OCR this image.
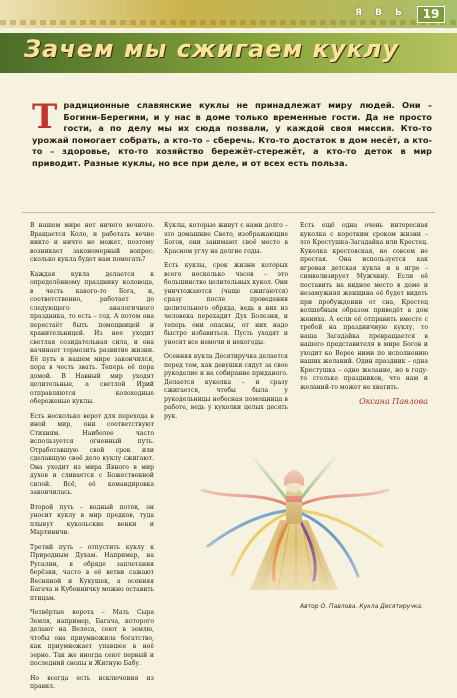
Я В Ь	19
Зачем мы сжигаем куклу
Традиционные славянские куклы не принадлежат миру людей. Они – Богини-Берегини, и у нас в доме только временные гости. Да не просто гости, а по делу мы их сюда позвали, у каждой своя миссия. Кто-то урожай помогает собрать, а кто-то – сберечь. Кто-то достаток в дом несёт, а кто-то – здоровье, кто-то хозяйство бережёт-стережёт, а кто-то деток в мир приводит. Разные куклы, но все при деле, и от всех есть польза.

В нашем мире нет ничего вечного. Вращается Коло, и работать вечно никто и ничто не может, поэтому возникает закономерный вопрос: сколько кукла будет нам помогать?

Каждая кукла делается к определённому празднику коловода, в честь какого-то Бога, и, соответственно, работает до следующего аналогичного праздника, то есть – год. А потом она перестаёт быть помощницей и хранительницей. Из нее уходит светлая созидательная сила, и она начинает тормозить развитие жизни. Её путь в нашем мире закончился, пора в честь звать. Теперь её пора домой. В Навный мир уходят целительные, а светлой Ирий отправляются колоходные обереженые куклы.

Есть несколько верот для перехода в иной мир, они соответствуют Стихиям. Наиболее часто используется огненный путь. Отработавшую свой срок или сделавшую своё дело куклу сжигают. Она уходит из мира Явного в мир духов и сливается с Божественной силой. Всё, её командировка закончилась.

Второй путь – водный поток, он уносит куклу в мир предков, туда плывут кукольские венки и Мартиничи.

Третий путь – отпустить куклу к Природным Духам. Например, на Русалии, в обряде заплетания берёзки, часто в её ветви сажают Весняной и Кукушек, а осенняя Багача и Кубенничку можно оставить птицам.

Четвёртые ворота – Мать Сыра Земля, например, Багача, которого делают на Велеса, сеют в землю, чтобы она приумножила богатство, как приумножает упавшее в неё зерно. Так же иногда сеют первый и последний снопы и Житную Бабу.

Но всегда есть исключения из правил.

Куклы, которые живут с нами долго – это домашние Свето, изображающие Богов, они занимают своё место в Красном углу на долгие годы.

Есть куклы, срок жизни которых всего несколько часов – это большинство целительных кукол. Они уничтожаются (чаще сжигаются) сразу после проведения целительного обряда, ведь в них из человека перехадит Дух Болезни, и теперь они опасны, от них надо быстро избавиться. Пусть уходят и уносят все немочи и некогоды.

Осенняя кукла Десятиручка делается перед тем, как девушки сядут за свое рукоделие и на собирание приданого. Делается куколка – и сразу сжигается, чтобы была у рукодельницы небесная помощница в работе, ведь у куколки целых десять рук.

Есть ещё одна очень интересная куколка с коротким сроком жизни – это Крестушка-Загадайка или Крестец. Куколка крестовская, но совсем не простая. Она используется как игровая детская кукла и в игре – символизирует Мужчину. Если её поставить на видное место в доме и незамужняя женщина её будет видеть при пробуждении от сна, Крестец волшебным образом приведёт в дом жениха. А если её отправить вместе с требой на праздничную куклу, то наша Загадайка превращается в нашего представителя в мире Богов и уходит ко Верее ними по исполнению наших желаний. Один праздник – одна Крестушка – одно желание, но в году-то столько праздников, что нам и желаний-то может не хватить.

Оксана Павлова
Автор О. Павлова. Кукла Десятиручка.
